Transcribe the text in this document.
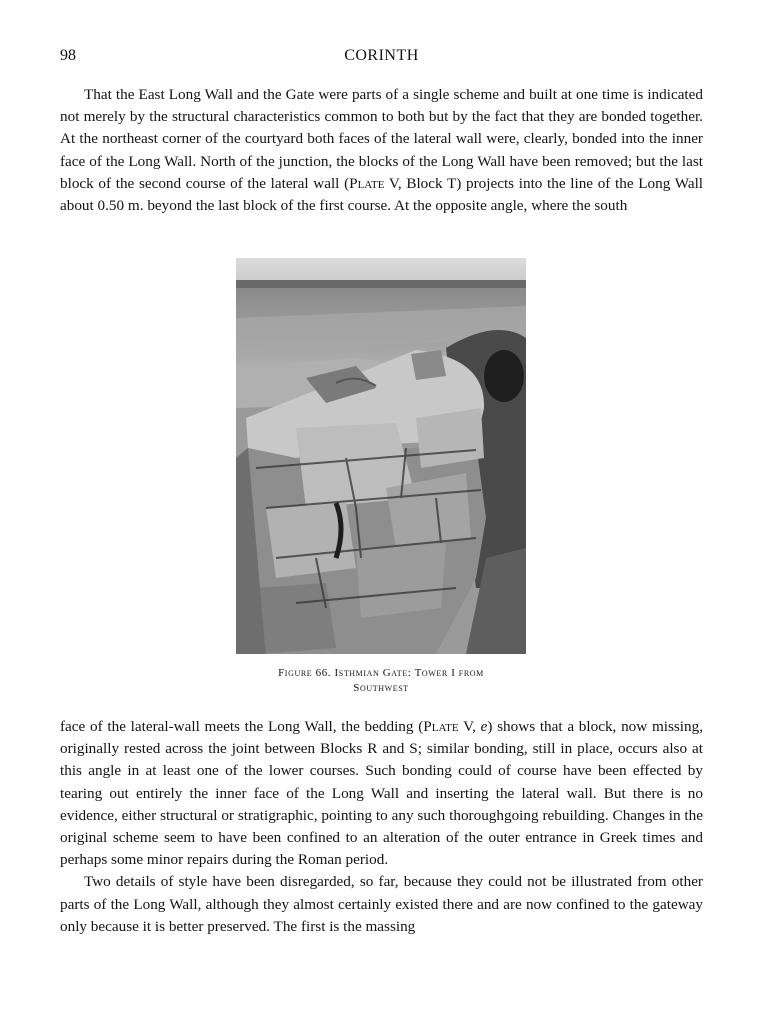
98	CORINTH

That the East Long Wall and the Gate were parts of a single scheme and built at one time is indicated not merely by the structural characteristics common to both but by the fact that they are bonded together. At the northeast corner of the courtyard both faces of the lateral wall were, clearly, bonded into the inner face of the Long Wall. North of the junction, the blocks of the Long Wall have been removed; but the last block of the second course of the lateral wall (Plate V, Block T) projects into the line of the Long Wall about 0.50 m. beyond the last block of the first course. At the opposite angle, where the south

Figure 66. Isthmian Gate: Tower I from
Southwest

face of the lateral-wall meets the Long Wall, the bedding (Plate V, e) shows that a block, now missing, originally rested across the joint between Blocks R and S; similar bonding, still in place, occurs also at this angle in at least one of the lower courses. Such bonding could of course have been effected by tearing out entirely the inner face of the Long Wall and inserting the lateral wall. But there is no evidence, either structural or stratigraphic, pointing to any such thoroughgoing rebuilding. Changes in the original scheme seem to have been confined to an alteration of the outer entrance in Greek times and perhaps some minor repairs during the Roman period.

Two details of style have been disregarded, so far, because they could not be illustrated from other parts of the Long Wall, although they almost certainly existed there and are now confined to the gateway only because it is better preserved. The first is the massing
